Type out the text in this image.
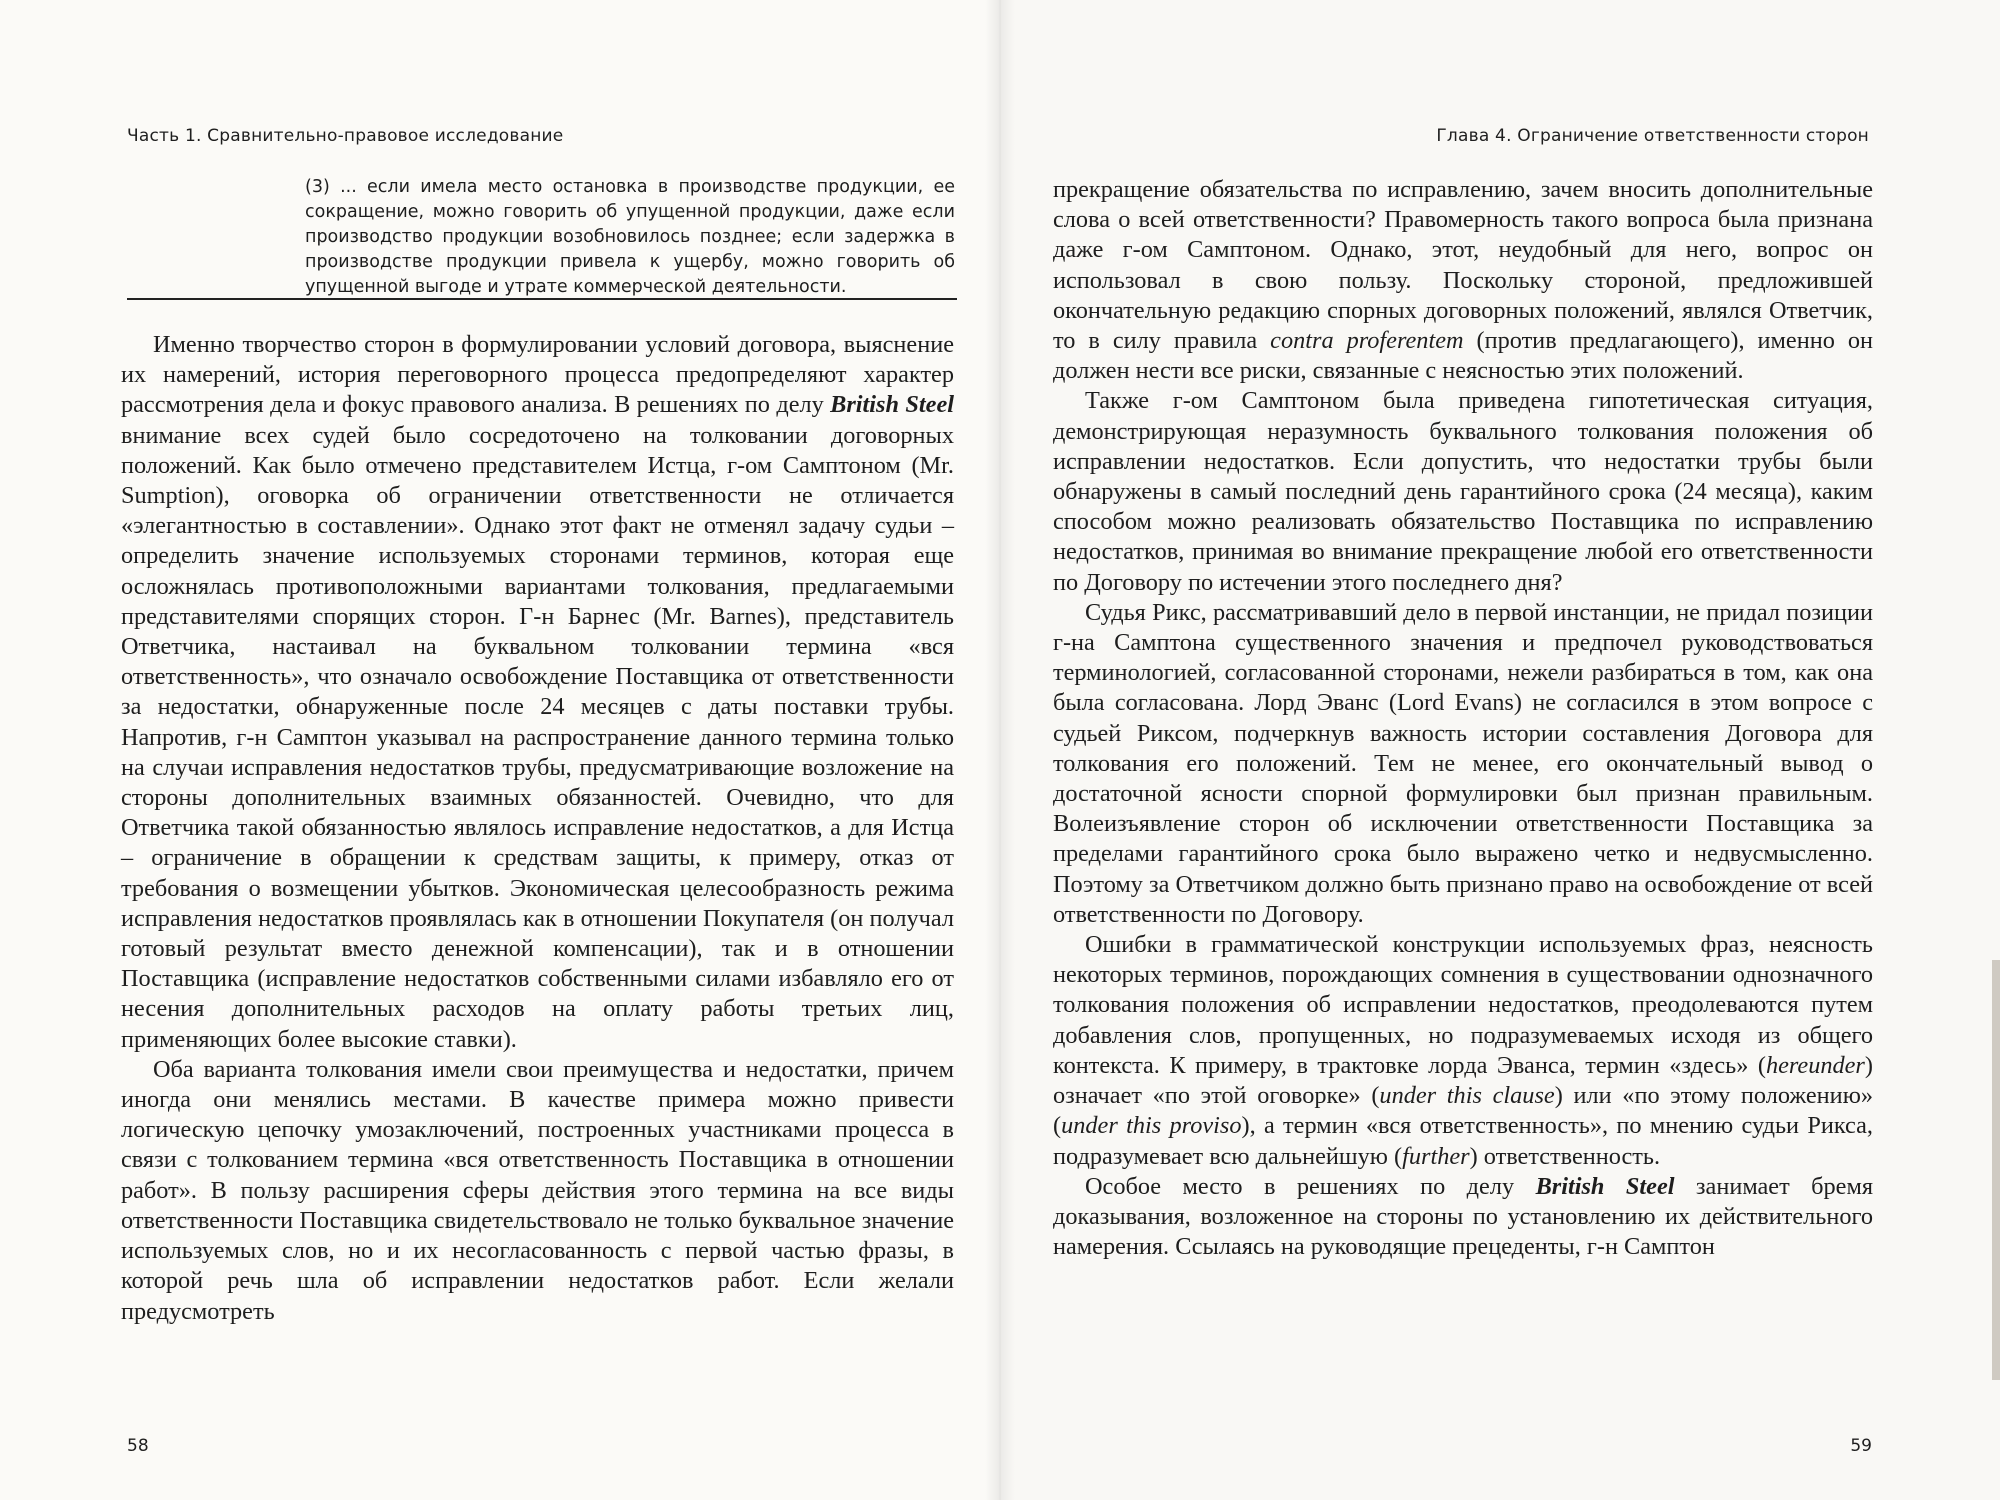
Часть 1. Сравнительно-правовое исследование	Глава 4. Ограничение ответственности сторон
(3) ... если имела место остановка в производстве продукции, ее сокращение, можно говорить об упущенной продукции, даже если производство продукции возобновилось позднее; если задержка в производстве продукции привела к ущербу, можно говорить об упущенной выгоде и утрате коммерческой деятельности.

Именно творчество сторон в формулировании условий договора, выяснение их намерений, история переговорного процесса предопределяют характер рассмотрения дела и фокус правового анализа. В решениях по делу British Steel внимание всех судей было сосредоточено на толковании договорных положений. Как было отмечено представителем Истца, г-ом Самптоном (Mr. Sumption), оговорка об ограничении ответственности не отличается «элегантностью в составлении». Однако этот факт не отменял задачу судьи – определить значение используемых сторонами терминов, которая еще осложнялась противоположными вариантами толкования, предлагаемыми представителями спорящих сторон. Г-н Барнес (Mr. Barnes), представитель Ответчика, настаивал на буквальном толковании термина «вся ответственность», что означало освобождение Поставщика от ответственности за недостатки, обнаруженные после 24 месяцев с даты поставки трубы. Напротив, г-н Самптон указывал на распространение данного термина только на случаи исправления недостатков трубы, предусматривающие возложение на стороны дополнительных взаимных обязанностей. Очевидно, что для Ответчика такой обязанностью являлось исправление недостатков, а для Истца – ограничение в обращении к средствам защиты, к примеру, отказ от требования о возмещении убытков. Экономическая целесообразность режима исправления недостатков проявлялась как в отношении Покупателя (он получал готовый результат вместо денежной компенсации), так и в отношении Поставщика (исправление недостатков собственными силами избавляло его от несения дополнительных расходов на оплату работы третьих лиц, применяющих более высокие ставки).

Оба варианта толкования имели свои преимущества и недостатки, причем иногда они менялись местами. В качестве примера можно привести логическую цепочку умозаключений, построенных участниками процесса в связи с толкованием термина «вся ответственность Поставщика в отношении работ». В пользу расширения сферы действия этого термина на все виды ответственности Поставщика свидетельствовало не только буквальное значение используемых слов, но и их несогласованность с первой частью фразы, в которой речь шла об исправлении недостатков работ. Если желали предусмотреть

прекращение обязательства по исправлению, зачем вносить дополнительные слова о всей ответственности? Правомерность такого вопроса была признана даже г-ом Самптоном. Однако, этот, неудобный для него, вопрос он использовал в свою пользу. Поскольку стороной, предложившей окончательную редакцию спорных договорных положений, являлся Ответчик, то в силу правила contra proferentem (против предлагающего), именно он должен нести все риски, связанные с неясностью этих положений.

Также г-ом Самптоном была приведена гипотетическая ситуация, демонстрирующая неразумность буквального толкования положения об исправлении недостатков. Если допустить, что недостатки трубы были обнаружены в самый последний день гарантийного срока (24 месяца), каким способом можно реализовать обязательство Поставщика по исправлению недостатков, принимая во внимание прекращение любой его ответственности по Договору по истечении этого последнего дня?

Судья Рикс, рассматривавший дело в первой инстанции, не придал позиции г-на Самптона существенного значения и предпочел руководствоваться терминологией, согласованной сторонами, нежели разбираться в том, как она была согласована. Лорд Эванс (Lord Evans) не согласился в этом вопросе с судьей Риксом, подчеркнув важность истории составления Договора для толкования его положений. Тем не менее, его окончательный вывод о достаточной ясности спорной формулировки был признан правильным. Волеизъявление сторон об исключении ответственности Поставщика за пределами гарантийного срока было выражено четко и недвусмысленно. Поэтому за Ответчиком должно быть признано право на освобождение от всей ответственности по Договору.

Ошибки в грамматической конструкции используемых фраз, неясность некоторых терминов, порождающих сомнения в существовании однозначного толкования положения об исправлении недостатков, преодолеваются путем добавления слов, пропущенных, но подразумеваемых исходя из общего контекста. К примеру, в трактовке лорда Эванса, термин «здесь» (hereunder) означает «по этой оговорке» (under this clause) или «по этому положению» (under this proviso), а термин «вся ответственность», по мнению судьи Рикса, подразумевает всю дальнейшую (further) ответственность.

Особое место в решениях по делу British Steel занимает бремя доказывания, возложенное на стороны по установлению их действительного намерения. Ссылаясь на руководящие прецеденты, г-н Самптон

58	59
